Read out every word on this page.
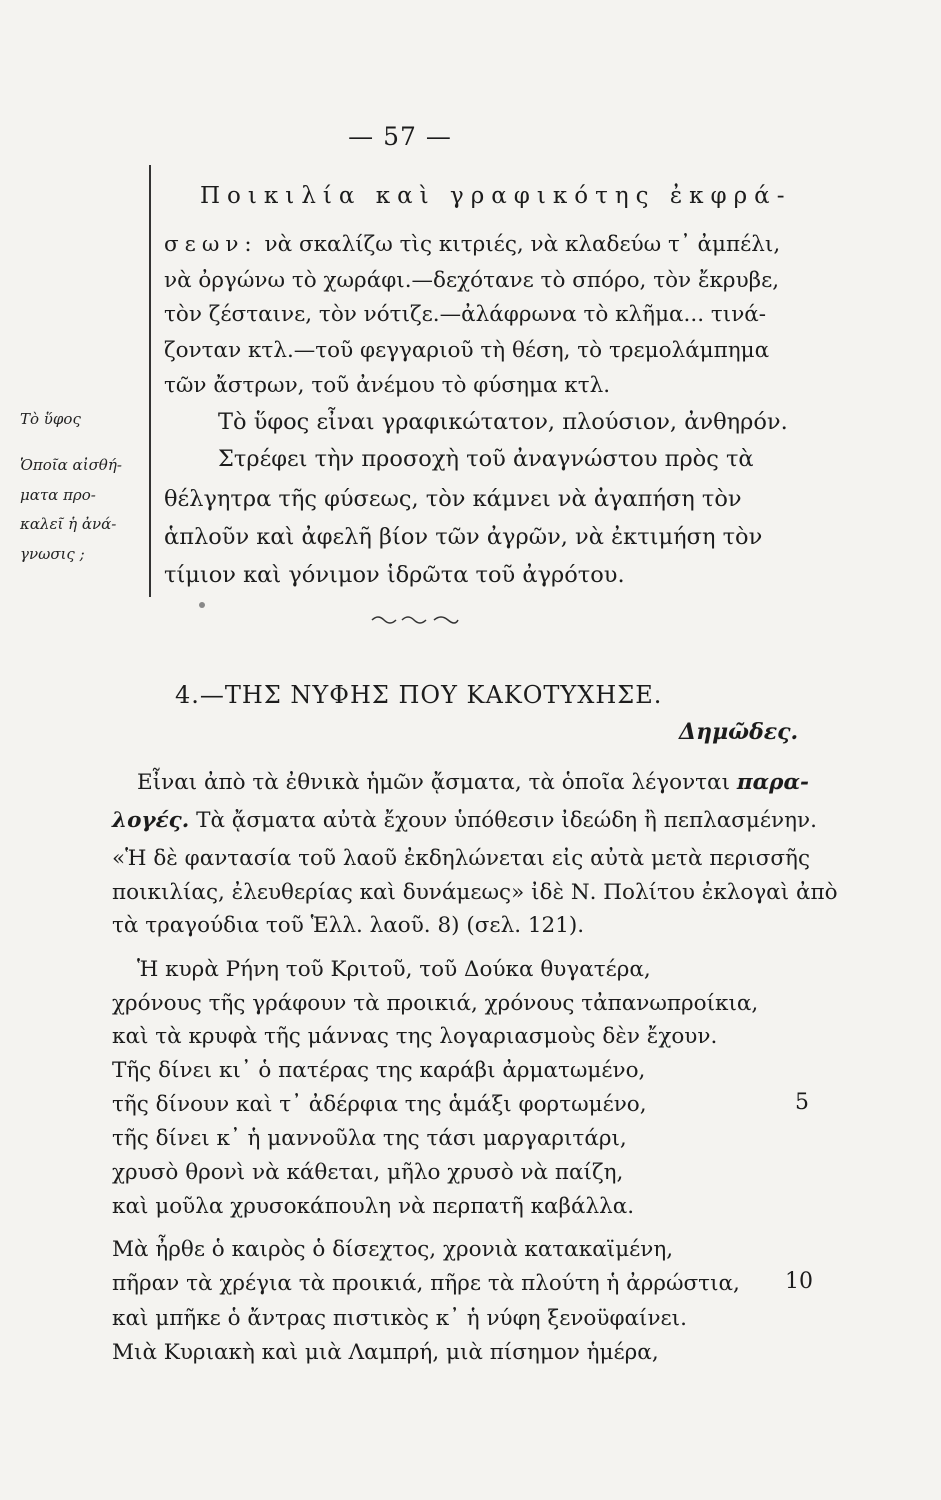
— 57 —
Τὸ ὕφος
Ὁποῖα αἰσθή-
ματα προ-
καλεῖ ἡ ἀνά-
γνωσις ;
Ποικιλία καὶ γραφικότης ἐκφρά-
σεων: νὰ σκαλίζω τὶς κιτριές, νὰ κλαδεύω τ᾽ ἀμπέλι,
νὰ ὀργώνω τὸ χωράφι.—δεχότανε τὸ σπόρο, τὸν ἔκρυβε,
τὸν ζέσταινε, τὸν νότιζε.—ἀλάφρωνα τὸ κλῆμα... τινά-
ζονταν κτλ.—τοῦ φεγγαριοῦ τὴ θέση, τὸ τρεμολάμπημα
τῶν ἄστρων, τοῦ ἀνέμου τὸ φύσημα κτλ.
Τὸ ὕφος εἶναι γραφικώτατον, πλούσιον, ἀνθηρόν.
Στρέφει τὴν προσοχὴ τοῦ ἀναγνώστου πρὸς τὰ
θέλγητρα τῆς φύσεως, τὸν κάμνει νὰ ἀγαπήση τὸν
ἁπλοῦν καὶ ἀφελῆ βίον τῶν ἀγρῶν, νὰ ἐκτιμήση τὸν
τίμιον καὶ γόνιμον ἱδρῶτα τοῦ ἀγρότου.
4.—ΤΗΣ ΝΥΦΗΣ ΠΟΥ ΚΑΚΟΤΥΧΗΣΕ.
Δημῶδες.
Εἶναι ἀπὸ τὰ ἐθνικὰ ἡμῶν ᾄσματα, τὰ ὁποῖα λέγονται παρα-
λογές. Τὰ ᾄσματα αὐτὰ ἔχουν ὑπόθεσιν ἰδεώδη ἢ πεπλασμένην.
«Ἡ δὲ φαντασία τοῦ λαοῦ ἐκδηλώνεται εἰς αὐτὰ μετὰ περισσῆς
ποικιλίας, ἐλευθερίας καὶ δυνάμεως» ἰδὲ Ν. Πολίτου ἐκλογαὶ ἀπὸ
τὰ τραγούδια τοῦ Ἑλλ. λαοῦ. 8) (σελ. 121).
Ἡ κυρὰ Ρήνη τοῦ Κριτοῦ, τοῦ Δούκα θυγατέρα,
χρόνους τῆς γράφουν τὰ προικιά, χρόνους τἀπανωπροίκια,
καὶ τὰ κρυφὰ τῆς μάννας της λογαριασμοὺς δὲν ἔχουν.
Τῆς δίνει κι᾽ ὁ πατέρας της καράβι ἀρματωμένο,
τῆς δίνουν καὶ τ᾽ ἀδέρφια της ἁμάξι φορτωμένο,	5
τῆς δίνει κ᾽ ἡ μαννοῦλα της τάσι μαργαριτάρι,
χρυσὸ θρονὶ νὰ κάθεται, μῆλο χρυσὸ νὰ παίζη,
καὶ μοῦλα χρυσοκάπουλη νὰ περπατῆ καβάλλα.
Μὰ ἦρθε ὁ καιρὸς ὁ δίσεχτος, χρονιὰ κατακαϊμένη,
πῆραν τὰ χρέγια τὰ προικιά, πῆρε τὰ πλούτη ἡ ἀρρώστια, 10
καὶ μπῆκε ὁ ἄντρας πιστικὸς κ᾽ ἡ νύφη ξενοϋφαίνει.
Μιὰ Κυριακὴ καὶ μιὰ Λαμπρή, μιὰ πίσημον ἡμέρα,
